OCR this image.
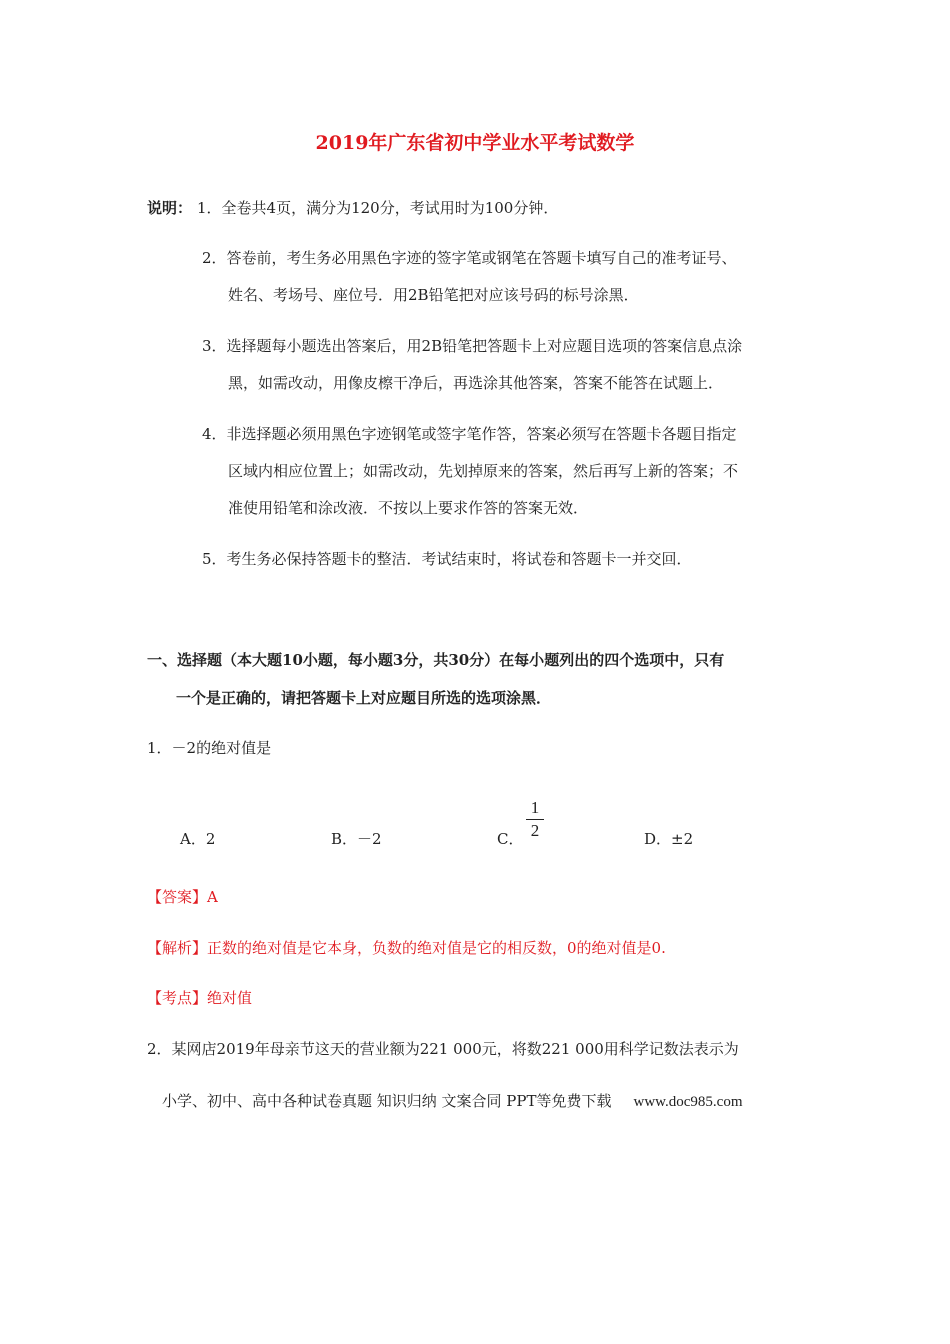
2019年广东省初中学业水平考试数学
说明： 1．全卷共4页，满分为120分，考试用时为100分钟．
2．答卷前，考生务必用黑色字迹的签字笔或钢笔在答题卡填写自己的准考证号、
姓名、考场号、座位号．用2B铅笔把对应该号码的标号涂黑．
3．选择题每小题选出答案后，用2B铅笔把答题卡上对应题目选项的答案信息点涂
黑，如需改动，用像皮檫干净后，再选涂其他答案，答案不能答在试题上．
4．非选择题必须用黑色字迹钢笔或签字笔作答，答案必须写在答题卡各题目指定
区域内相应位置上；如需改动，先划掉原来的答案，然后再写上新的答案；不
准使用铅笔和涂改液．不按以上要求作答的答案无效．
5．考生务必保持答题卡的整洁．考试结束时，将试卷和答题卡一并交回．
一、选择题（本大题10小题，每小题3分，共30分）在每小题列出的四个选项中，只有
一个是正确的，请把答题卡上对应题目所选的选项涂黑．
1．－2的绝对值是
A．2	B．－2	C．
1
2	D．±2
【答案】A
【解析】正数的绝对值是它本身，负数的绝对值是它的相反数，0的绝对值是0.
【考点】绝对值
2．某网店2019年母亲节这天的营业额为221 000元，将数221 000用科学记数法表示为
小学、初中、高中各种试卷真题 知识归纳 文案合同 PPT等免费下载 www.doc985.com
